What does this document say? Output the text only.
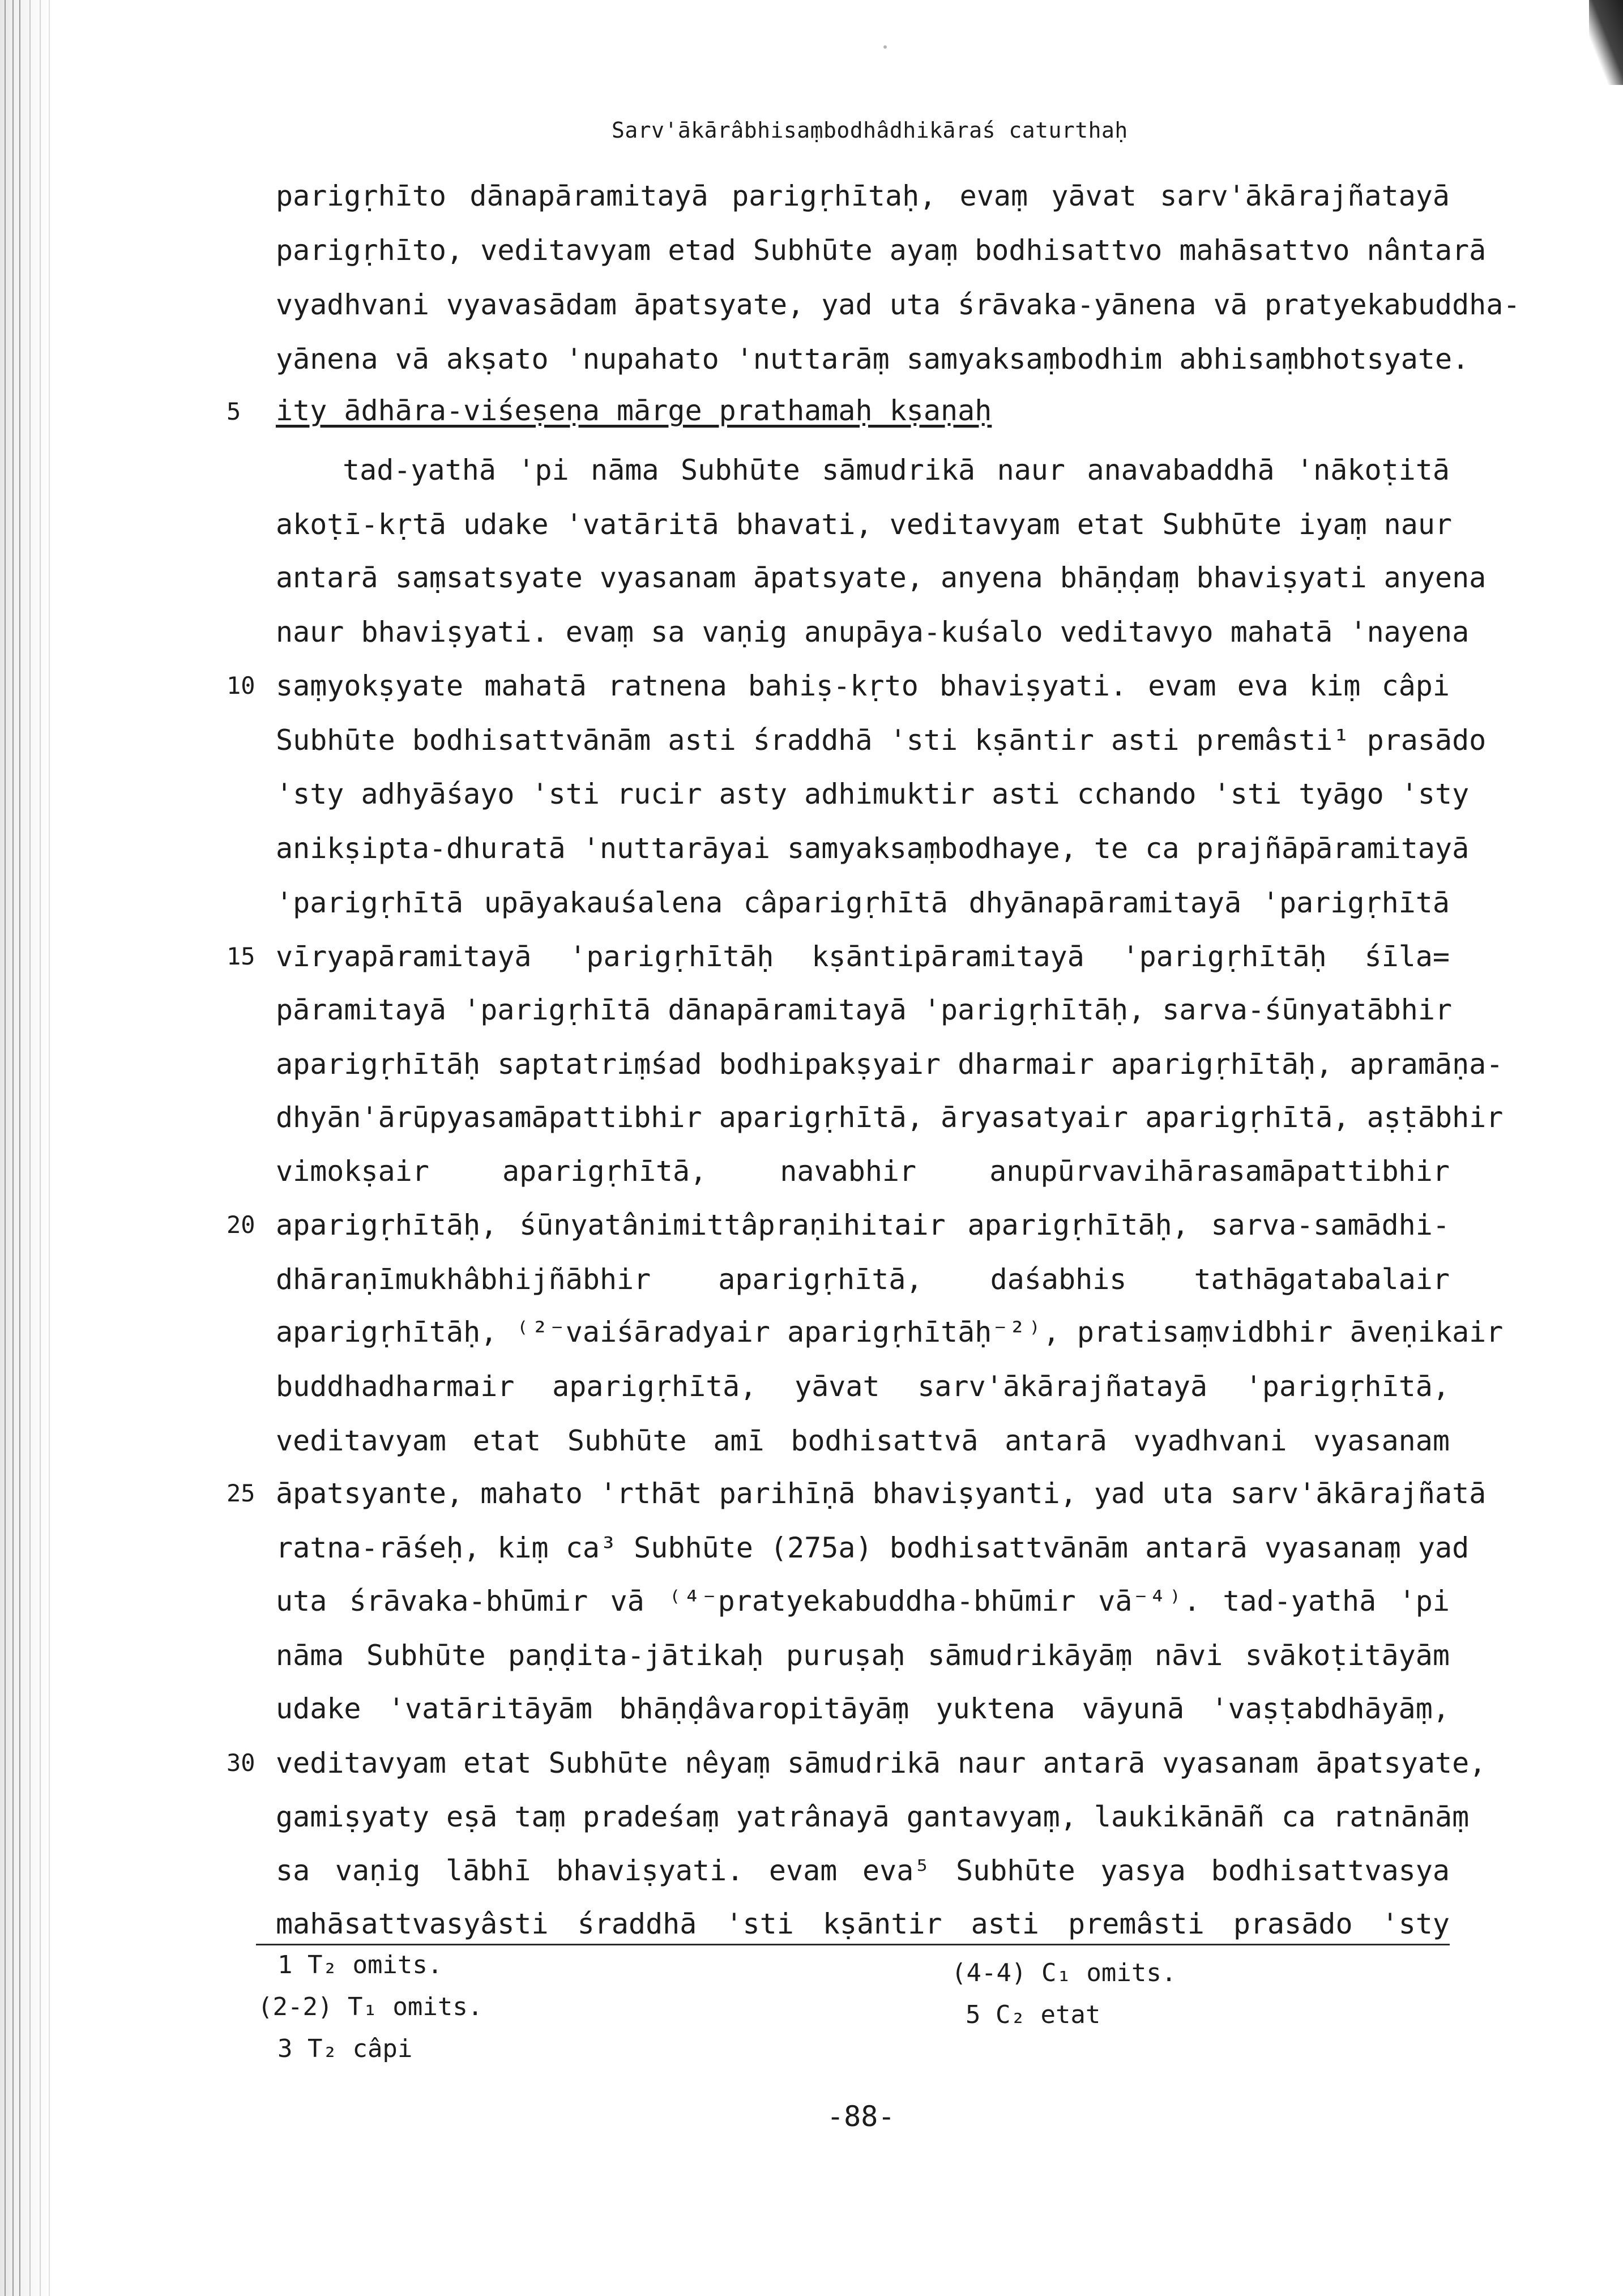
Sarv'ākārâbhisaṃbodhâdhikāraś caturthaḥ
parigṛhīto dānapāramitayā parigṛhītaḥ, evaṃ yāvat sarv'ākārajñatayā
parigṛhīto, veditavyam etad Subhūte ayaṃ bodhisattvo mahāsattvo nântarā
vyadhvani vyavasādam āpatsyate, yad uta śrāvaka-yānena vā pratyekabuddha-
yānena vā akṣato 'nupahato 'nuttarāṃ samyaksaṃbodhim abhisaṃbhotsyate.
5 ity ādhāra-viśeṣeṇa mārge prathamaḥ kṣaṇaḥ
tad-yathā 'pi nāma Subhūte sāmudrikā naur anavabaddhā 'nākoṭitā
akoṭī-kṛtā udake 'vatāritā bhavati, veditavyam etat Subhūte iyaṃ naur
antarā saṃsatsyate vyasanam āpatsyate, anyena bhāṇḍaṃ bhaviṣyati anyena
naur bhaviṣyati. evaṃ sa vaṇig anupāya-kuśalo veditavyo mahatā 'nayena
10 saṃyokṣyate mahatā ratnena bahiṣ-kṛto bhaviṣyati. evam eva kiṃ câpi
Subhūte bodhisattvānām asti śraddhā 'sti kṣāntir asti premâsti¹ prasādo
'sty adhyāśayo 'sti rucir asty adhimuktir asti cchando 'sti tyāgo 'sty
anikṣipta-dhuratā 'nuttarāyai samyaksaṃbodhaye, te ca prajñāpāramitayā
'parigṛhītā upāyakauśalena câparigṛhītā dhyānapāramitayā 'parigṛhītā
15 vīryapāramitayā 'parigṛhītāḥ kṣāntipāramitayā 'parigṛhītāḥ śīla=
pāramitayā 'parigṛhītā dānapāramitayā 'parigṛhītāḥ, sarva-śūnyatābhir
aparigṛhītāḥ saptatriṃśad bodhipakṣyair dharmair aparigṛhītāḥ, apramāṇa-
dhyān'ārūpyasamāpattibhir aparigṛhītā, āryasatyair aparigṛhītā, aṣṭābhir
vimokṣair aparigṛhītā, navabhir anupūrvavihārasamāpattibhir
20 aparigṛhītāḥ, śūnyatânimittâpraṇihitair aparigṛhītāḥ, sarva-samādhi-
dhāraṇīmukhâbhijñābhir aparigṛhītā, daśabhis tathāgatabalair
aparigṛhītāḥ, ⁽²⁻vaiśāradyair aparigṛhītāḥ⁻²⁾, pratisaṃvidbhir āveṇikair
buddhadharmair aparigṛhītā, yāvat sarv'ākārajñatayā 'parigṛhītā,
veditavyam etat Subhūte amī bodhisattvā antarā vyadhvani vyasanam
25 āpatsyante, mahato 'rthāt parihīṇā bhaviṣyanti, yad uta sarv'ākārajñatā
ratna-rāśeḥ, kiṃ ca³ Subhūte (275a) bodhisattvānām antarā vyasanaṃ yad
uta śrāvaka-bhūmir vā ⁽⁴⁻pratyekabuddha-bhūmir vā⁻⁴⁾. tad-yathā 'pi
nāma Subhūte paṇḍita-jātikaḥ puruṣaḥ sāmudrikāyāṃ nāvi svākoṭitāyām
udake 'vatāritāyām bhāṇḍâvaropitāyāṃ yuktena vāyunā 'vaṣṭabdhāyāṃ,
30 veditavyam etat Subhūte nêyaṃ sāmudrikā naur antarā vyasanam āpatsyate,
gamiṣyaty eṣā taṃ pradeśaṃ yatrânayā gantavyaṃ, laukikānāñ ca ratnānāṃ
sa vaṇig lābhī bhaviṣyati. evam eva⁵ Subhūte yasya bodhisattvasya
mahāsattvasyâsti śraddhā 'sti kṣāntir asti premâsti prasādo 'sty
1 T₂ omits.
(2-2) T₁ omits.
3 T₂ câpi
(4-4) C₁ omits.
5 C₂ etat
-88-
